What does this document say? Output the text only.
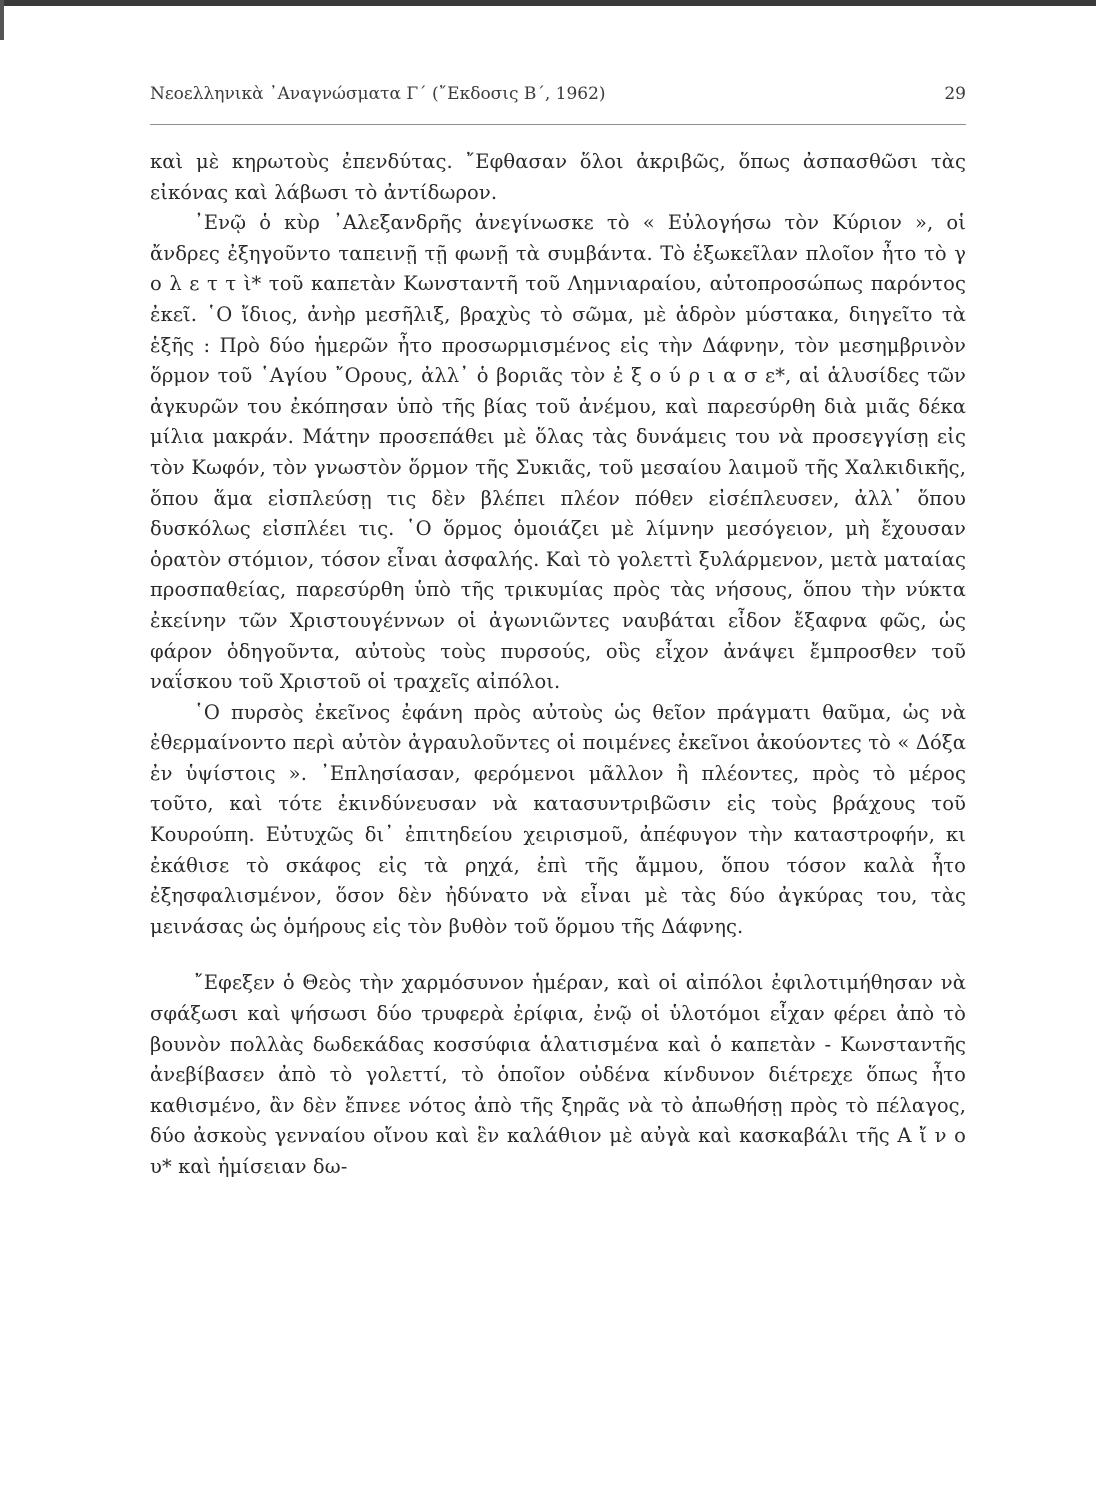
Νεοελληνικὰ ᾿Αναγνώσματα Γ΄ (῎Εκδοσις Β΄, 1962)	29

καὶ μὲ κηρωτοὺς ἐπενδύτας. ῎Εφθασαν ὅλοι ἀκριβῶς, ὅπως ἀσπασθῶσι τὰς εἰκόνας καὶ λάβωσι τὸ ἀντίδωρον.

᾿Ενῷ ὁ κὺρ ᾿Αλεξανδρῆς ἀνεγίνωσκε τὸ « Εὐλογήσω τὸν Κύριον », οἱ ἄνδρες ἐξηγοῦντο ταπεινῇ τῇ φωνῇ τὰ συμβάντα. Τὸ ἐξωκεῖλαν πλοῖον ἦτο τὸ γ ο λ ε τ τ ὶ* τοῦ καπετὰν Κωνσταντῆ τοῦ Λημνιαραίου, αὐτοπροσώπως παρόντος ἐκεῖ. ῾Ο ἴδιος, ἀνὴρ μεσῆλιξ, βραχὺς τὸ σῶμα, μὲ ἁδρὸν μύστακα, διηγεῖτο τὰ ἑξῆς : Πρὸ δύο ἡμερῶν ἦτο προσωρμισμένος εἰς τὴν Δάφνην, τὸν μεσημβρινὸν ὅρμον τοῦ ῾Αγίου ῎Ορους, ἀλλ᾿ ὁ βοριᾶς τὸν ἐ ξ ο ύ ρ ι α σ ε*, αἱ ἁλυσίδες τῶν ἀγκυρῶν του ἐκόπησαν ὑπὸ τῆς βίας τοῦ ἀνέμου, καὶ παρεσύρθη διὰ μιᾶς δέκα μίλια μακράν. Μάτην προσεπάθει μὲ ὅλας τὰς δυνάμεις του νὰ προσεγγίσῃ εἰς τὸν Κωφόν, τὸν γνωστὸν ὅρμον τῆς Συκιᾶς, τοῦ μεσαίου λαιμοῦ τῆς Χαλκιδικῆς, ὅπου ἅμα εἰσπλεύσῃ τις δὲν βλέπει πλέον πόθεν εἰσέπλευσεν, ἀλλ᾿ ὅπου δυσκόλως εἰσπλέει τις. ῾Ο ὅρμος ὁμοιάζει μὲ λίμνην μεσόγειον, μὴ ἔχουσαν ὁρατὸν στόμιον, τόσον εἶναι ἀσφαλής. Καὶ τὸ γολεττὶ ξυλάρμενον, μετὰ ματαίας προσπαθείας, παρεσύρθη ὑπὸ τῆς τρικυμίας πρὸς τὰς νήσους, ὅπου τὴν νύκτα ἐκείνην τῶν Χριστουγέννων οἱ ἀγωνιῶντες ναυβάται εἶδον ἔξαφνα φῶς, ὡς φάρον ὁδηγοῦντα, αὐτοὺς τοὺς πυρσούς, οὓς εἶχον ἀνάψει ἔμπροσθεν τοῦ ναΐσκου τοῦ Χριστοῦ οἱ τραχεῖς αἰπόλοι.

῾Ο πυρσὸς ἐκεῖνος ἐφάνη πρὸς αὐτοὺς ὡς θεῖον πράγματι θαῦμα, ὡς νὰ ἐθερμαίνοντο περὶ αὐτὸν ἀγραυλοῦντες οἱ ποιμένες ἐκεῖνοι ἀκούοντες τὸ « Δόξα ἐν ὑψίστοις ». ᾿Επλησίασαν, φερόμενοι μᾶλλον ἢ πλέοντες, πρὸς τὸ μέρος τοῦτο, καὶ τότε ἐκινδύνευσαν νὰ κατασυντριβῶσιν εἰς τοὺς βράχους τοῦ Κουρούπη. Εὐτυχῶς δι᾿ ἐπιτηδείου χειρισμοῦ, ἀπέφυγον τὴν καταστροφήν, κι ἐκάθισε τὸ σκάφος εἰς τὰ ρηχά, ἐπὶ τῆς ἄμμου, ὅπου τόσον καλὰ ἦτο ἐξησφαλισμένον, ὅσον δὲν ἠδύνατο νὰ εἶναι μὲ τὰς δύο ἀγκύρας του, τὰς μεινάσας ὡς ὁμήρους εἰς τὸν βυθὸν τοῦ ὅρμου τῆς Δάφνης.

῎Εφεξεν ὁ Θεὸς τὴν χαρμόσυνον ἡμέραν, καὶ οἱ αἰπόλοι ἐφιλοτιμήθησαν νὰ σφάξωσι καὶ ψήσωσι δύο τρυφερὰ ἐρίφια, ἐνῷ οἱ ὑλοτόμοι εἶχαν φέρει ἀπὸ τὸ βουνὸν πολλὰς δωδεκάδας κοσσύφια ἁλατισμένα καὶ ὁ καπετὰν - Κωνσταντῆς ἀνεβίβασεν ἀπὸ τὸ γολεττί, τὸ ὁποῖον οὐδένα κίνδυνον διέτρεχε ὅπως ἦτο καθισμένο, ἂν δὲν ἔπνεε νότος ἀπὸ τῆς ξηρᾶς νὰ τὸ ἀπωθήσῃ πρὸς τὸ πέλαγος, δύο ἀσκοὺς γενναίου οἴνου καὶ ἓν καλάθιον μὲ αὐγὰ καὶ κασκαβάλι τῆς Α ἴ ν ο υ* καὶ ἡμίσειαν δω-
